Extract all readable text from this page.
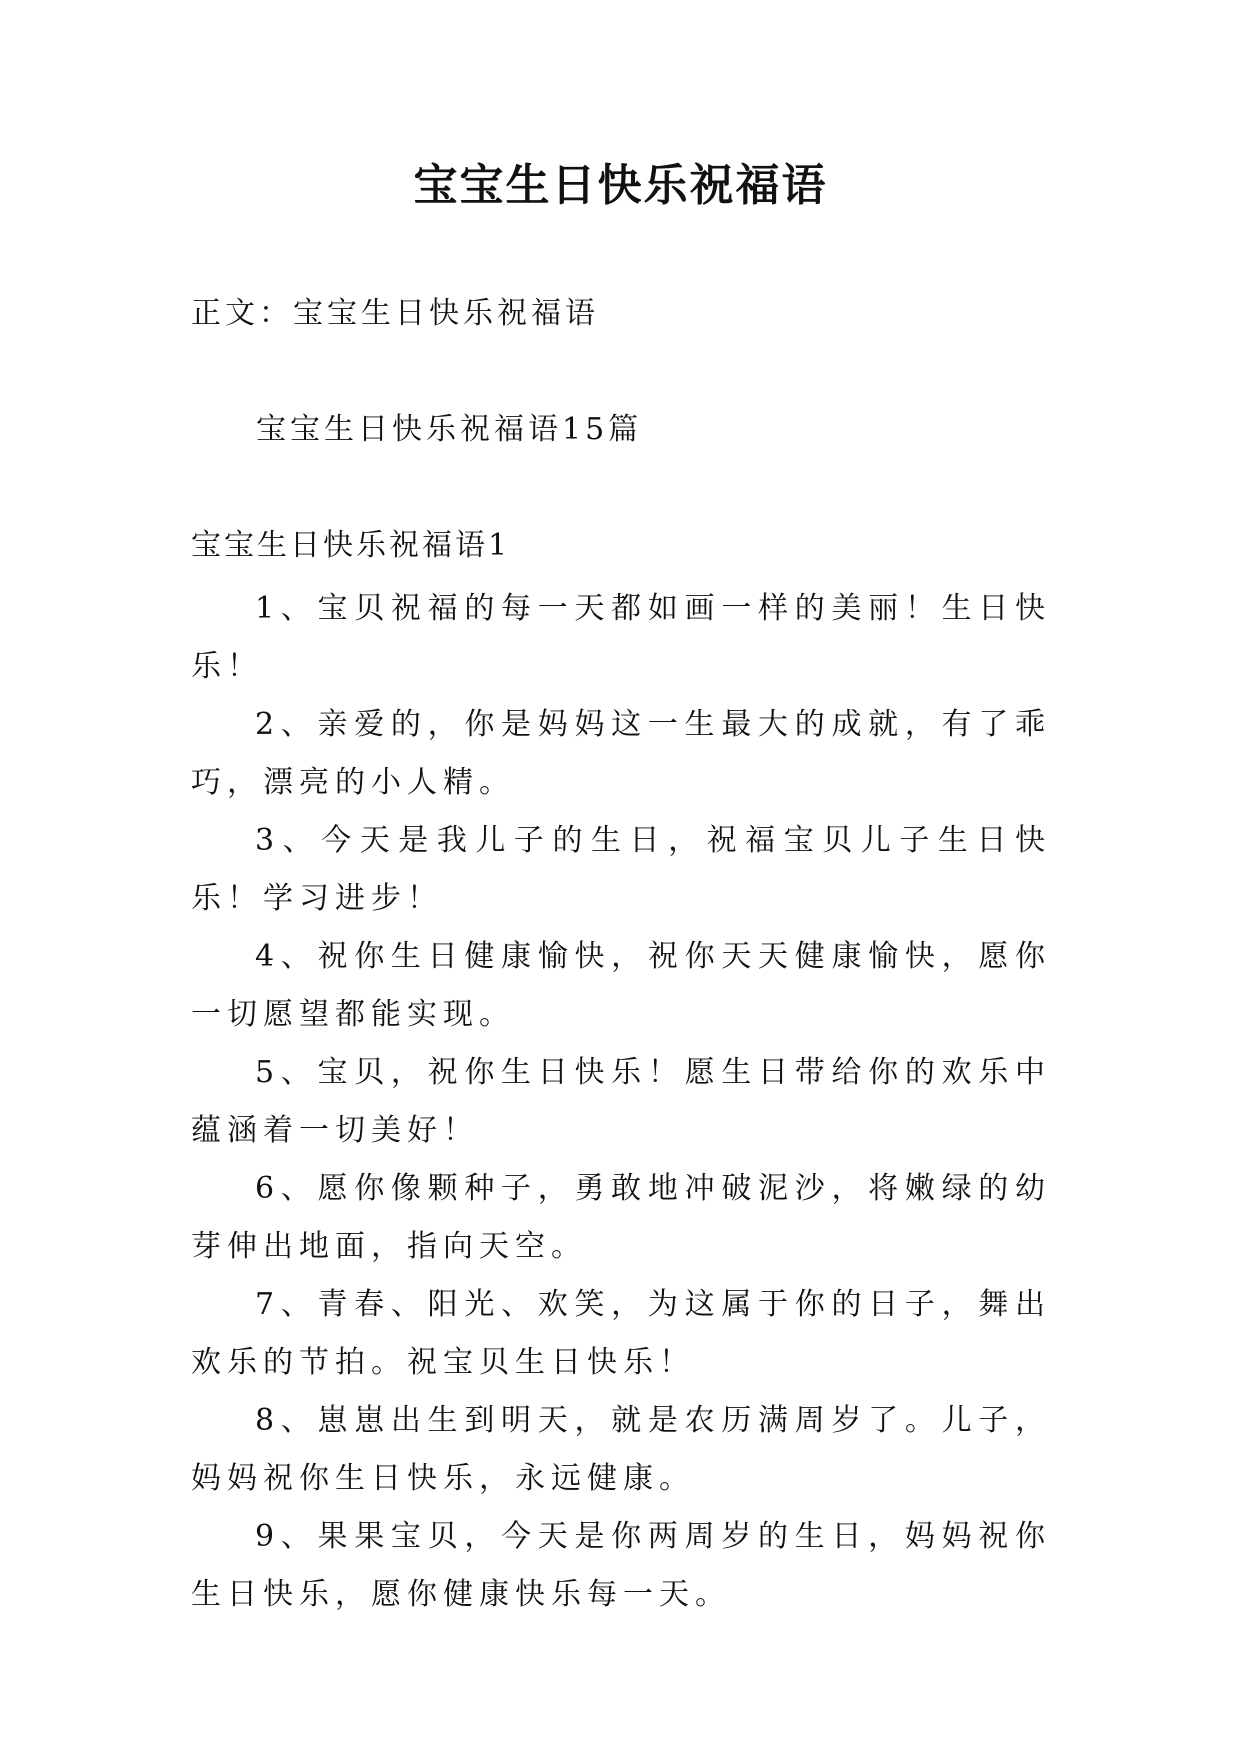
宝宝生日快乐祝福语

正文：宝宝生日快乐祝福语

宝宝生日快乐祝福语15篇

宝宝生日快乐祝福语1

1、宝贝祝福的每一天都如画一样的美丽！生日快乐！
2、亲爱的，你是妈妈这一生最大的成就，有了乖巧，漂亮的小人精。
3、今天是我儿子的生日，祝福宝贝儿子生日快乐！学习进步！
4、祝你生日健康愉快，祝你天天健康愉快，愿你一切愿望都能实现。
5、宝贝，祝你生日快乐！愿生日带给你的欢乐中蕴涵着一切美好！
6、愿你像颗种子，勇敢地冲破泥沙，将嫩绿的幼芽伸出地面，指向天空。
7、青春、阳光、欢笑，为这属于你的日子，舞出欢乐的节拍。祝宝贝生日快乐！
8、崽崽出生到明天，就是农历满周岁了。儿子，妈妈祝你生日快乐，永远健康。
9、果果宝贝，今天是你两周岁的生日，妈妈祝你生日快乐，愿你健康快乐每一天。
